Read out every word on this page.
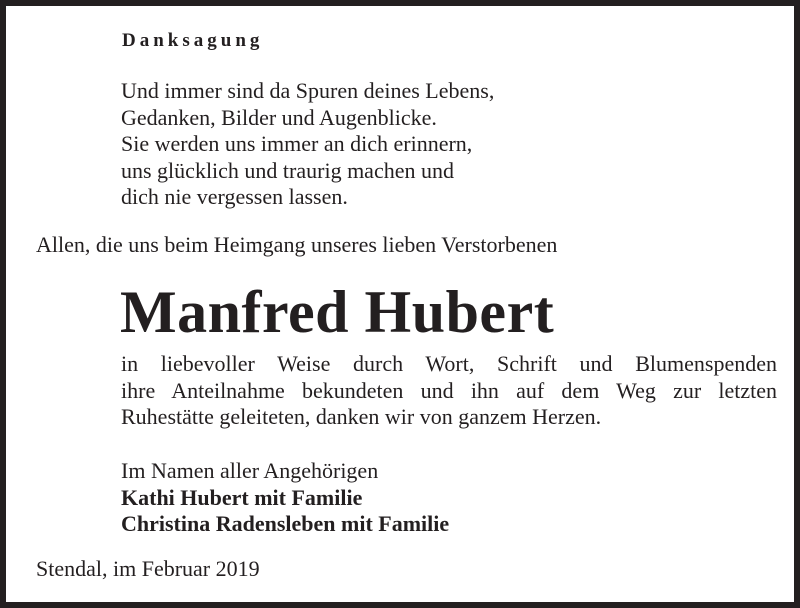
Danksagung
Und immer sind da Spuren deines Lebens,
Gedanken, Bilder und Augenblicke.
Sie werden uns immer an dich erinnern,
uns glücklich und traurig machen und
dich nie vergessen lassen.
Allen, die uns beim Heimgang unseres lieben Verstorbenen
Manfred Hubert
in liebevoller Weise durch Wort, Schrift und Blumenspenden
ihre Anteilnahme bekundeten und ihn auf dem Weg zur letzten
Ruhestätte geleiteten, danken wir von ganzem Herzen.
Im Namen aller Angehörigen
Kathi Hubert mit Familie
Christina Radensleben mit Familie
Stendal, im Februar 2019
